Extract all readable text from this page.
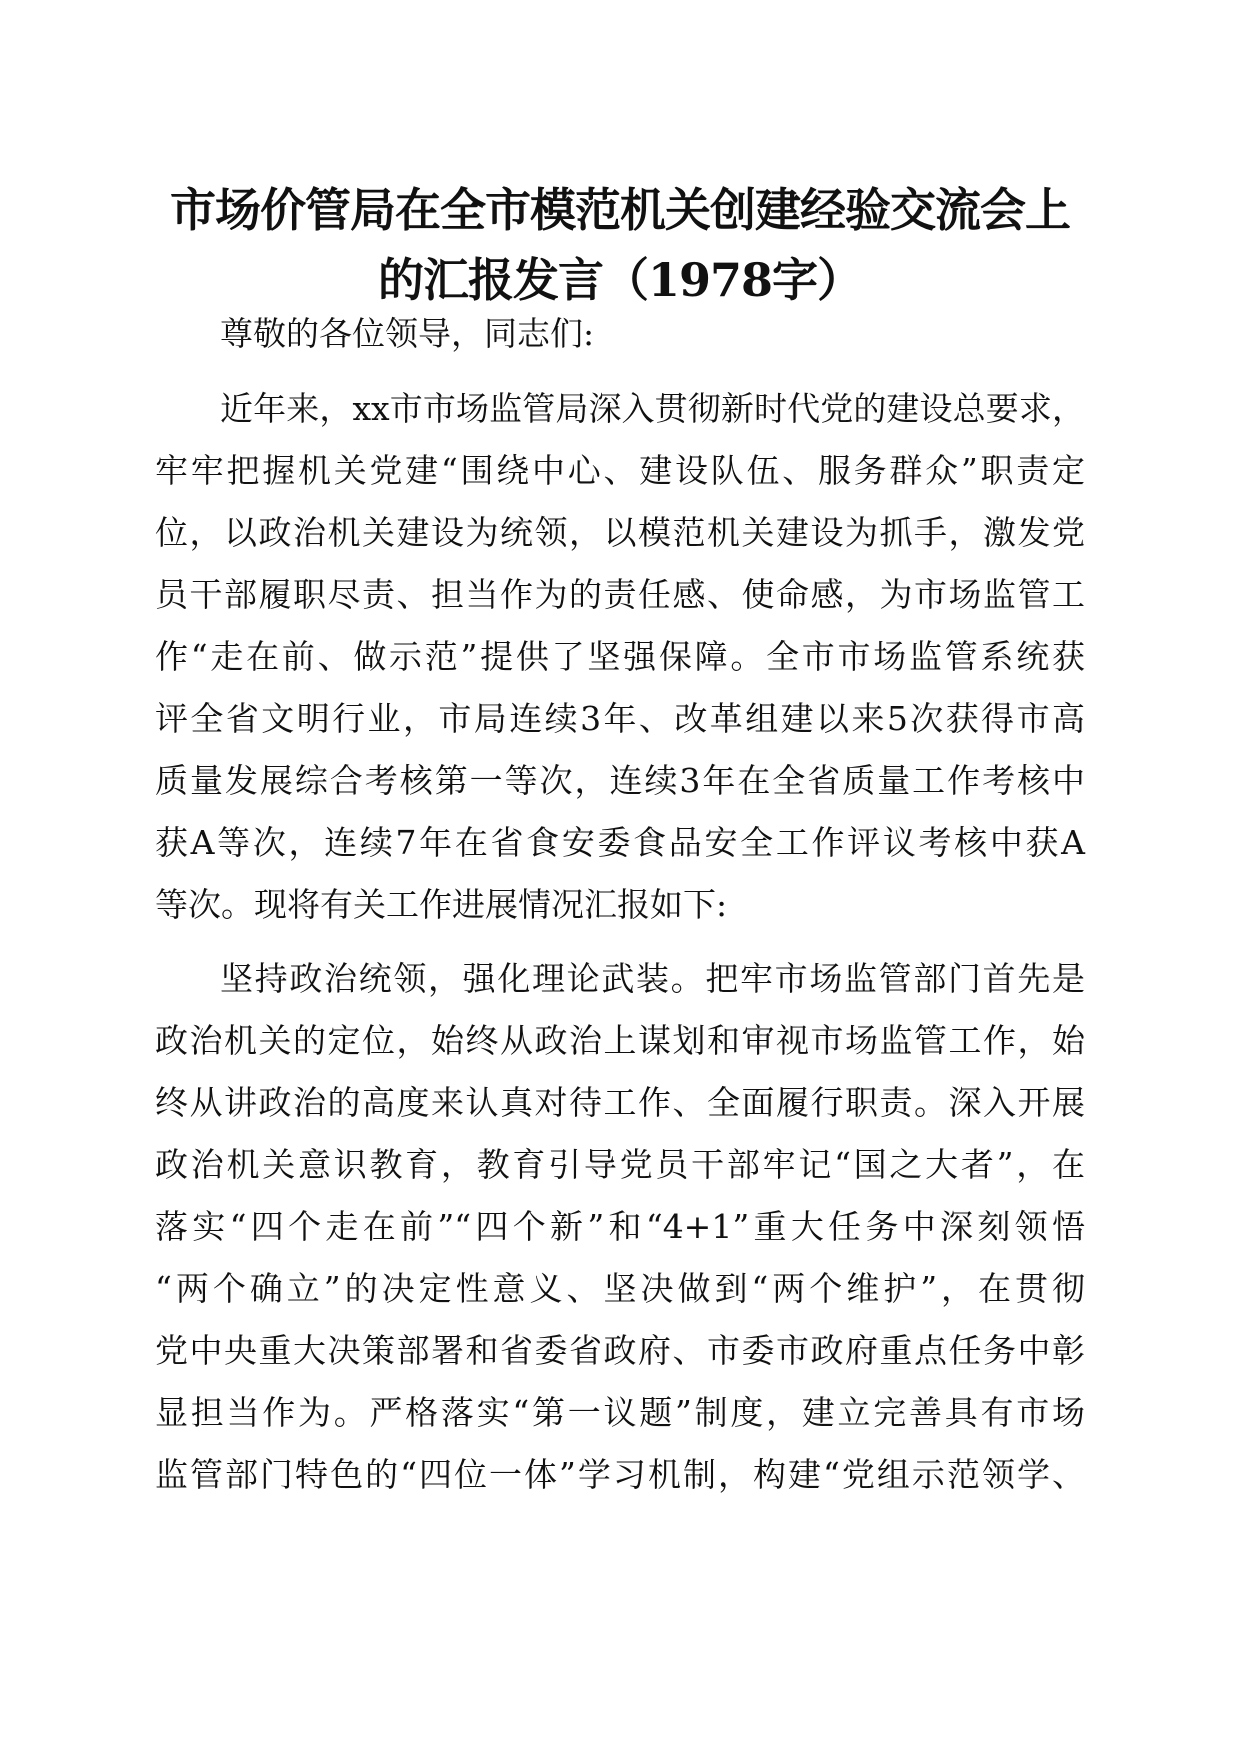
市场价管局在全市模范机关创建经验交流会上
的汇报发言（1978字）
尊敬的各位领导，同志们:
近年来，xx市市场监管局深入贯彻新时代党的建设总要求，
牢牢把握机关党建“围绕中心、建设队伍、服务群众”职责定
位，以政治机关建设为统领，以模范机关建设为抓手，激发党
员干部履职尽责、担当作为的责任感、使命感，为市场监管工
作“走在前、做示范”提供了坚强保障。全市市场监管系统获
评全省文明行业，市局连续3年、改革组建以来5次获得市高
质量发展综合考核第一等次，连续3年在全省质量工作考核中
获A等次，连续7年在省食安委食品安全工作评议考核中获A
等次。现将有关工作进展情况汇报如下:
坚持政治统领，强化理论武装。把牢市场监管部门首先是
政治机关的定位，始终从政治上谋划和审视市场监管工作，始
终从讲政治的高度来认真对待工作、全面履行职责。深入开展
政治机关意识教育，教育引导党员干部牢记“国之大者”，在
落实“四个走在前”“四个新”和“4+1”重大任务中深刻领悟
“两个确立”的决定性意义、坚决做到“两个维护”，在贯彻
党中央重大决策部署和省委省政府、市委市政府重点任务中彰
显担当作为。严格落实“第一议题”制度，建立完善具有市场
监管部门特色的“四位一体”学习机制，构建“党组示范领学、
